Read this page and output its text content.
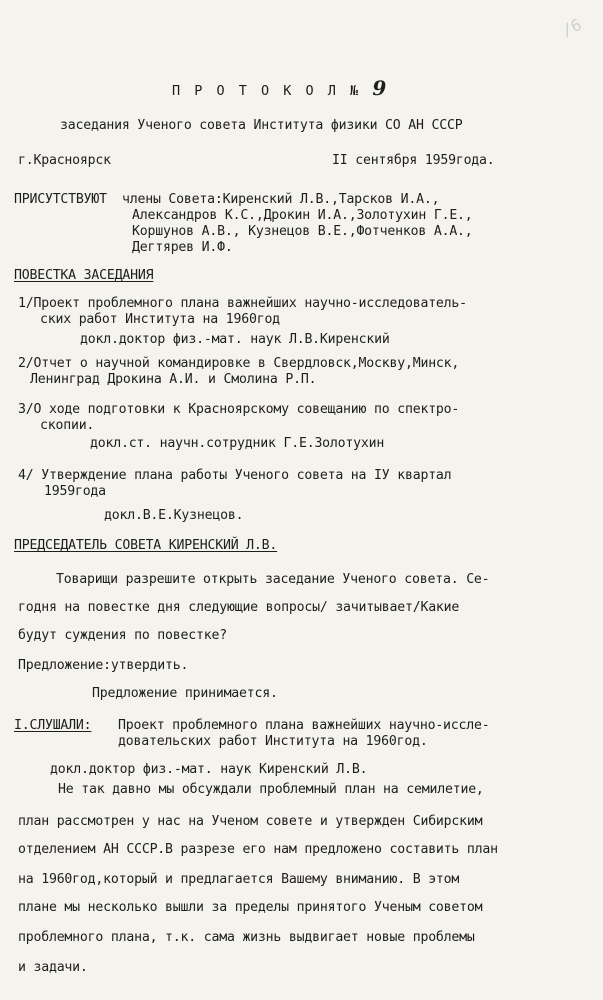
/6
П Р О Т О К О Л № 9
заседания Ученого совета Института физики СО АН СССР
г.Красноярск	II сентября 1959года.
ПРИСУТСТВУЮТ члены Совета:Киренский Л.В.,Тарсков И.А.,
Александров К.С.,Дрокин И.А.,Золотухин Г.Е.,
Коршунов А.В., Кузнецов В.Е.,Фотченков А.А.,
Дегтярев И.Ф.
ПОВЕСТКА ЗАСЕДАНИЯ
1/Проект проблемного плана важнейших научно-исследователь-
ских работ Института на 1960год
докл.доктор физ.-мат. наук Л.В.Киренский
2/Отчет о научной командировке в Свердловск,Москву,Минск,
Ленинград Дрокина А.И. и Смолина Р.П.
3/О ходе подготовки к Красноярскому совещанию по спектро-
скопии.
докл.ст. научн.сотрудник Г.Е.Золотухин
4/ Утверждение плана работы Ученого совета на IУ квартал
1959года
докл.В.Е.Кузнецов.
ПРЕДСЕДАТЕЛЬ СОВЕТА КИРЕНСКИЙ Л.В.
Товарищи разрешите открыть заседание Ученого совета. Се-
годня на повестке дня следующие вопросы/ зачитывает/Какие
будут суждения по повестке?
Предложение:утвердить.
Предложение принимается.
I.СЛУШАЛИ: Проект проблемного плана важнейших научно-иссле-
довательских работ Института на 1960год.
докл.доктор физ.-мат. наук Киренский Л.В.
Не так давно мы обсуждали проблемный план на семилетие,
план рассмотрен у нас на Ученом совете и утвержден Сибирским
отделением АН СССР.В разрезе его нам предложено составить план
на 1960год,который и предлагается Вашему вниманию. В этом
плане мы несколько вышли за пределы принятого Ученым советом
проблемного плана, т.к. сама жизнь выдвигает новые проблемы
и задачи.
